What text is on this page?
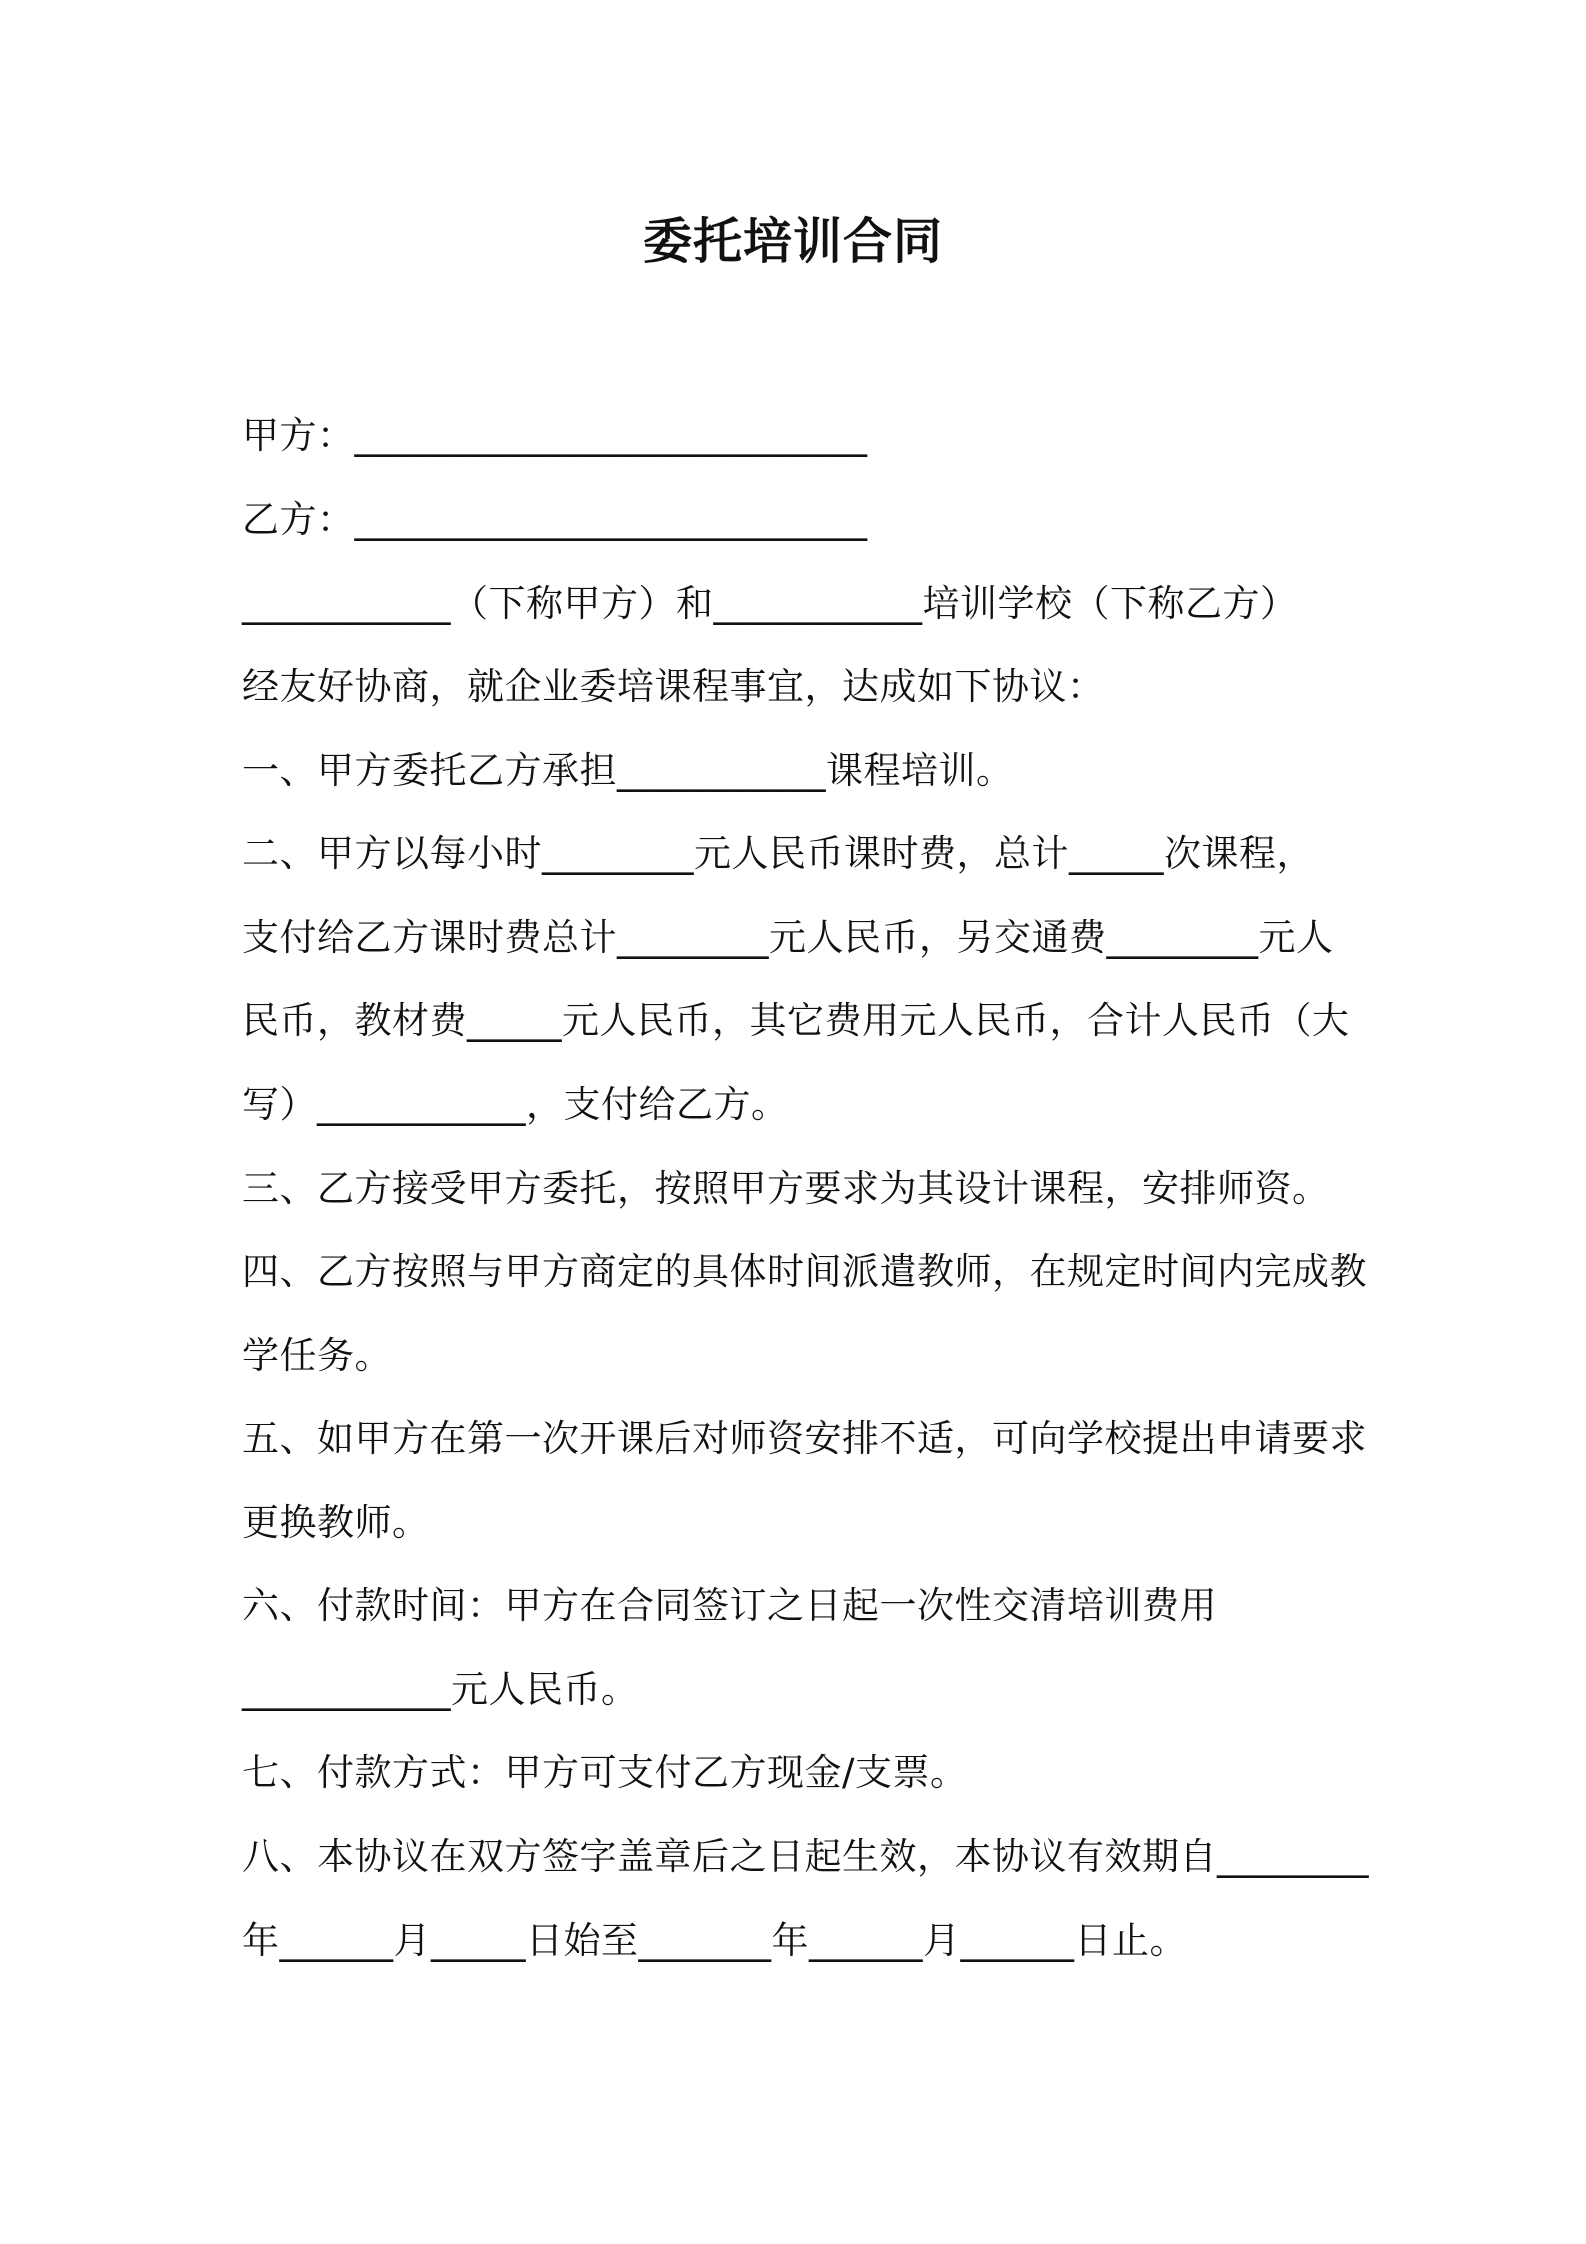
委托培训合同
甲方：___________________________
乙方：___________________________
___________（下称甲方）和___________培训学校（下称乙方）
经友好协商，就企业委培课程事宜，达成如下协议：
一、甲方委托乙方承担___________课程培训。
二、甲方以每小时________元人民币课时费，总计_____次课程，
支付给乙方课时费总计________元人民币，另交通费________元人
民币，教材费_____元人民币，其它费用元人民币，合计人民币（大
写）___________，支付给乙方。
三、乙方接受甲方委托，按照甲方要求为其设计课程，安排师资。
四、乙方按照与甲方商定的具体时间派遣教师，在规定时间内完成教
学任务。
五、如甲方在第一次开课后对师资安排不适，可向学校提出申请要求
更换教师。
六、付款时间：甲方在合同签订之日起一次性交清培训费用
___________元人民币。
七、付款方式：甲方可支付乙方现金/支票。
八、本协议在双方签字盖章后之日起生效，本协议有效期自________
年______月_____日始至_______年______月______日止。
